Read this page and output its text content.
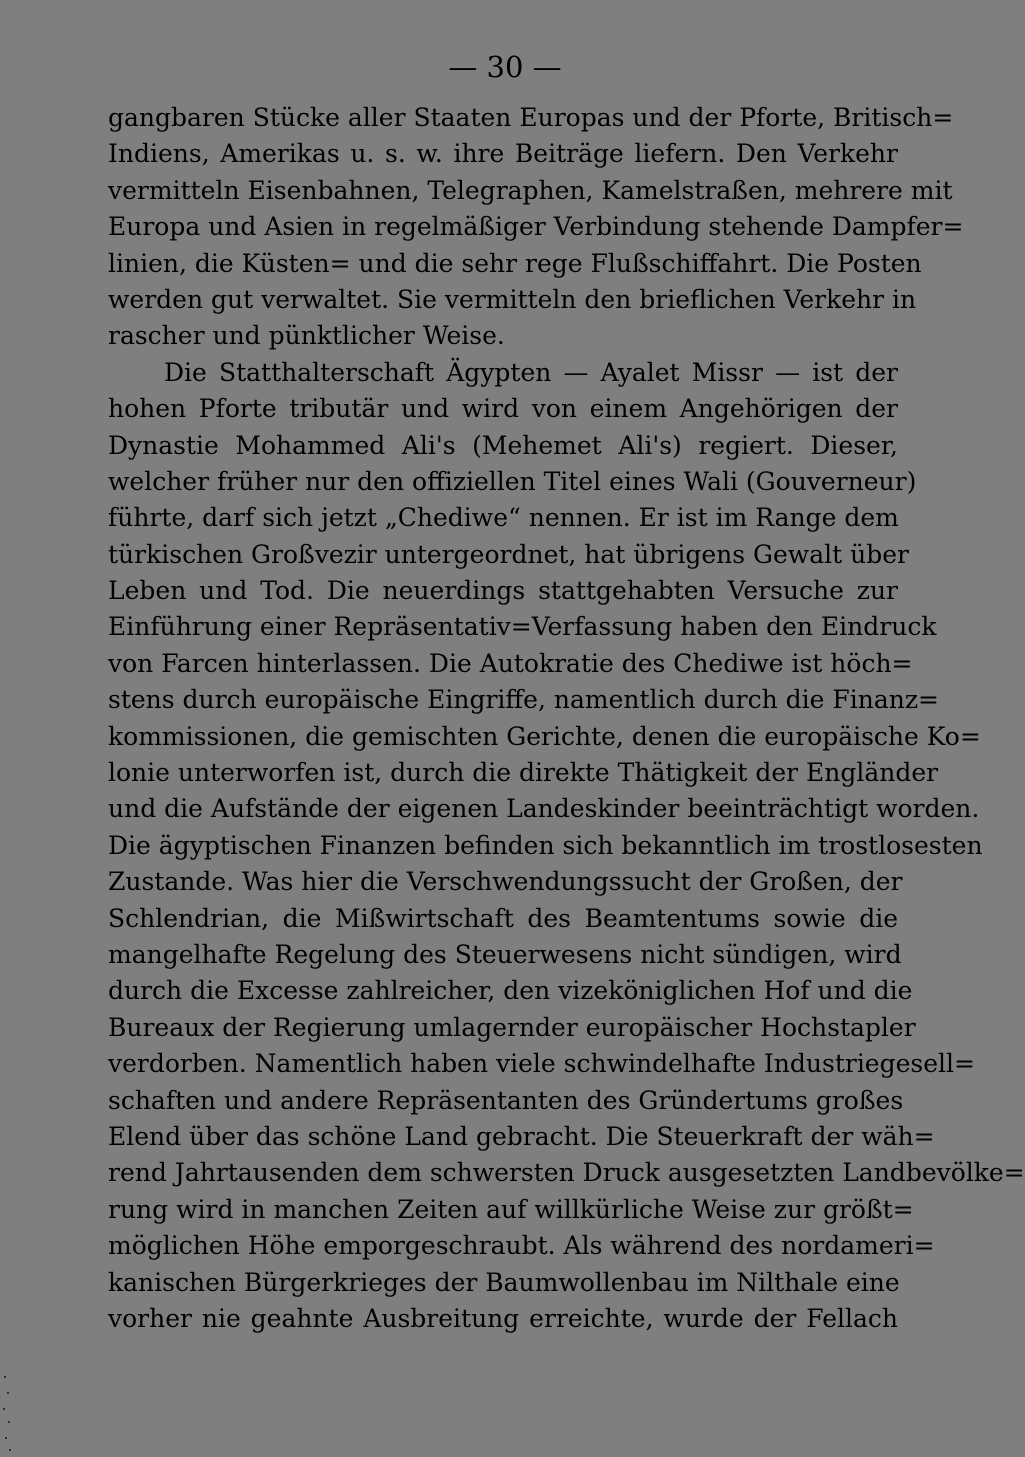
— 30 —
gangbaren Stücke aller Staaten Europas und der Pforte, Britisch=
Indiens, Amerikas u. s. w. ihre Beiträge liefern. Den Verkehr
vermitteln Eisenbahnen, Telegraphen, Kamelstraßen, mehrere mit
Europa und Asien in regelmäßiger Verbindung stehende Dampfer=
linien, die Küsten= und die sehr rege Flußschiffahrt. Die Posten
werden gut verwaltet. Sie vermitteln den brieflichen Verkehr in
rascher und pünktlicher Weise.
Die Statthalterschaft Ägypten — Ayalet Missr — ist der
hohen Pforte tributär und wird von einem Angehörigen der
Dynastie Mohammed Ali's (Mehemet Ali's) regiert. Dieser,
welcher früher nur den offiziellen Titel eines Wali (Gouverneur)
führte, darf sich jetzt „Chediwe“ nennen. Er ist im Range dem
türkischen Großvezir untergeordnet, hat übrigens Gewalt über
Leben und Tod. Die neuerdings stattgehabten Versuche zur
Einführung einer Repräsentativ=Verfassung haben den Eindruck
von Farcen hinterlassen. Die Autokratie des Chediwe ist höch=
stens durch europäische Eingriffe, namentlich durch die Finanz=
kommissionen, die gemischten Gerichte, denen die europäische Ko=
lonie unterworfen ist, durch die direkte Thätigkeit der Engländer
und die Aufstände der eigenen Landeskinder beeinträchtigt worden.
Die ägyptischen Finanzen befinden sich bekanntlich im trostlosesten
Zustande. Was hier die Verschwendungssucht der Großen, der
Schlendrian, die Mißwirtschaft des Beamtentums sowie die
mangelhafte Regelung des Steuerwesens nicht sündigen, wird
durch die Excesse zahlreicher, den vizeköniglichen Hof und die
Bureaux der Regierung umlagernder europäischer Hochstapler
verdorben. Namentlich haben viele schwindelhafte Industriegesell=
schaften und andere Repräsentanten des Gründertums großes
Elend über das schöne Land gebracht. Die Steuerkraft der wäh=
rend Jahrtausenden dem schwersten Druck ausgesetzten Landbevölke=
rung wird in manchen Zeiten auf willkürliche Weise zur größt=
möglichen Höhe emporgeschraubt. Als während des nordameri=
kanischen Bürgerkrieges der Baumwollenbau im Nilthale eine
vorher nie geahnte Ausbreitung erreichte, wurde der Fellach
